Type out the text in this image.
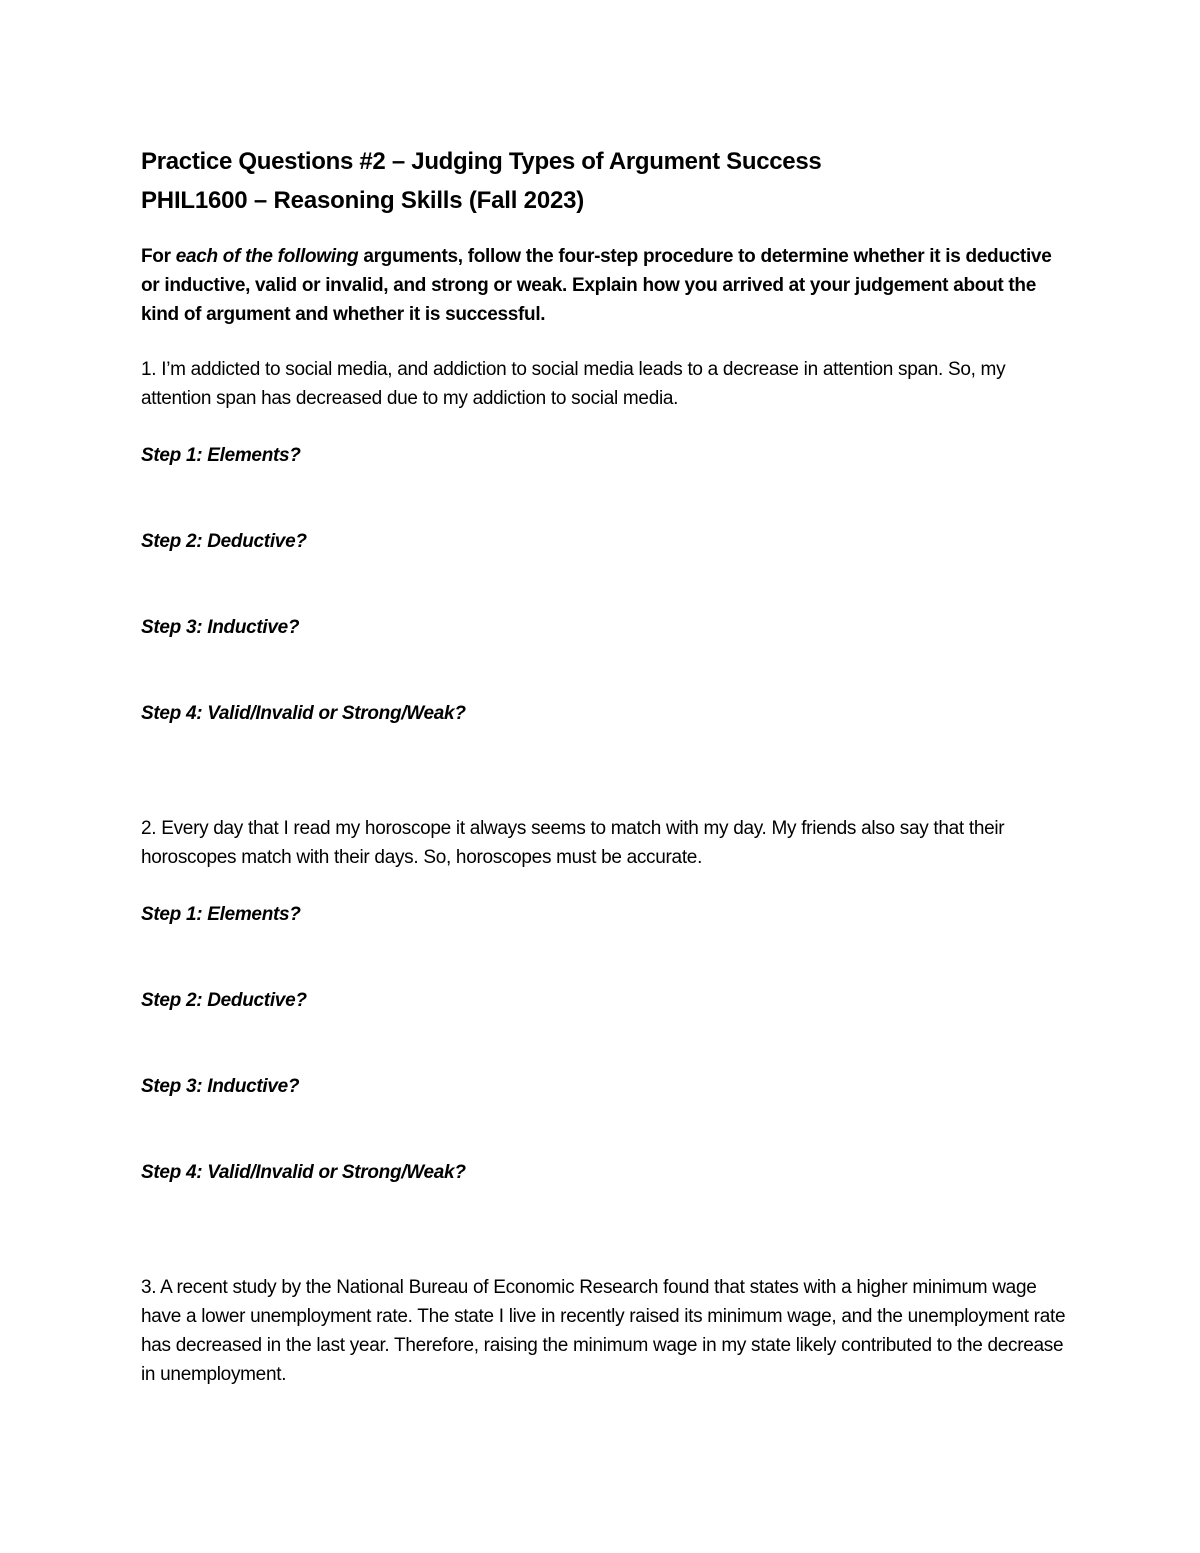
Practice Questions #2 – Judging Types of Argument Success
PHIL1600 – Reasoning Skills (Fall 2023)

For each of the following arguments, follow the four-step procedure to determine whether it is deductive or inductive, valid or invalid, and strong or weak. Explain how you arrived at your judgement about the kind of argument and whether it is successful.

1. I’m addicted to social media, and addiction to social media leads to a decrease in attention span. So, my attention span has decreased due to my addiction to social media.

Step 1: Elements?

Step 2: Deductive?

Step 3: Inductive?

Step 4: Valid/Invalid or Strong/Weak?

2. Every day that I read my horoscope it always seems to match with my day. My friends also say that their horoscopes match with their days. So, horoscopes must be accurate.

Step 1: Elements?

Step 2: Deductive?

Step 3: Inductive?

Step 4: Valid/Invalid or Strong/Weak?

3. A recent study by the National Bureau of Economic Research found that states with a higher minimum wage have a lower unemployment rate. The state I live in recently raised its minimum wage, and the unemployment rate has decreased in the last year. Therefore, raising the minimum wage in my state likely contributed to the decrease in unemployment.
